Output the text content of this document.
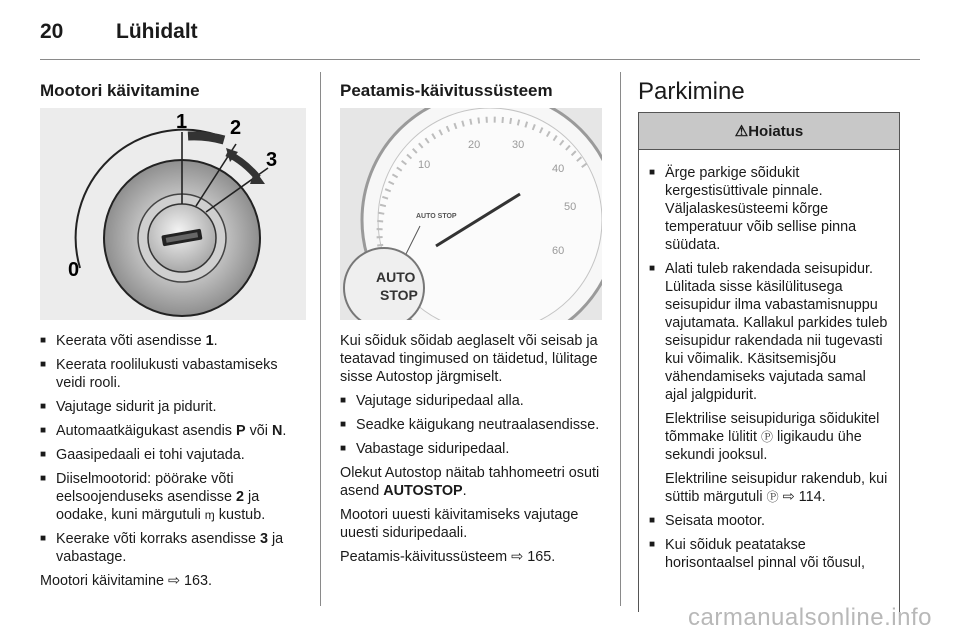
20	Lühidalt
Mootori käivitamine
0
1 2
3
■ Keerata võti asendisse 1.
■ Keerata roolilukusti vabastamiseks veidi rooli.
■ Vajutage sidurit ja pidurit.
■ Automaatkäigukast asendis P või N.
■ Gaasipedaali ei tohi vajutada.
■ Diiselmootorid: pöörake võti eelsoojenduseks asendisse 2 ja oodake, kuni märgutuli ɱ kustub.
■ Keerake võti korraks asendisse 3 ja vabastage.
Mootori käivitamine ⇨ 163.
Peatamis-käivitussüsteem
10
20	30
40
50
60
AUTO STOP
AUTO
STOP

Kui sõiduk sõidab aeglaselt või seisab ja teatavad tingimused on täidetud, lülitage sisse Autostop järgmiselt.

■ Vajutage siduripedaal alla.
■ Seadke käigukang neutraalasendisse.
■ Vabastage siduripedaal.

Olekut Autostop näitab tahhomeetri osuti asend AUTOSTOP.

Mootori uuesti käivitamiseks vajutage uuesti siduripedaali.

Peatamis-käivitussüsteem ⇨ 165.
Parkimine
⚠ Hoiatus
■ Ärge parkige sõidukit kergestisüttivale pinnale. Väljalaskesüsteemi kõrge temperatuur võib sellise pinna süüdata.

■ Alati tuleb rakendada seisupidur. Lülitada sisse käsilülitusega seisupidur ilma vabastamisnuppu vajutamata. Kallakul parkides tuleb seisupidur rakendada nii tugevasti kui võimalik. Käsitsemisjõu vähendamiseks vajutada samal ajal jalgpidurit.

Elektrilise seisupiduriga sõidukitel tõmmake lülitit Ⓟ ligikaudu ühe sekundi jooksul.

Elektriline seisupidur rakendub, kui süttib märgutuli Ⓟ ⇨ 114.

■ Seisata mootor.
■ Kui sõiduk peatatakse horisontaalsel pinnal või tõusul,
carmanualsonline.info
